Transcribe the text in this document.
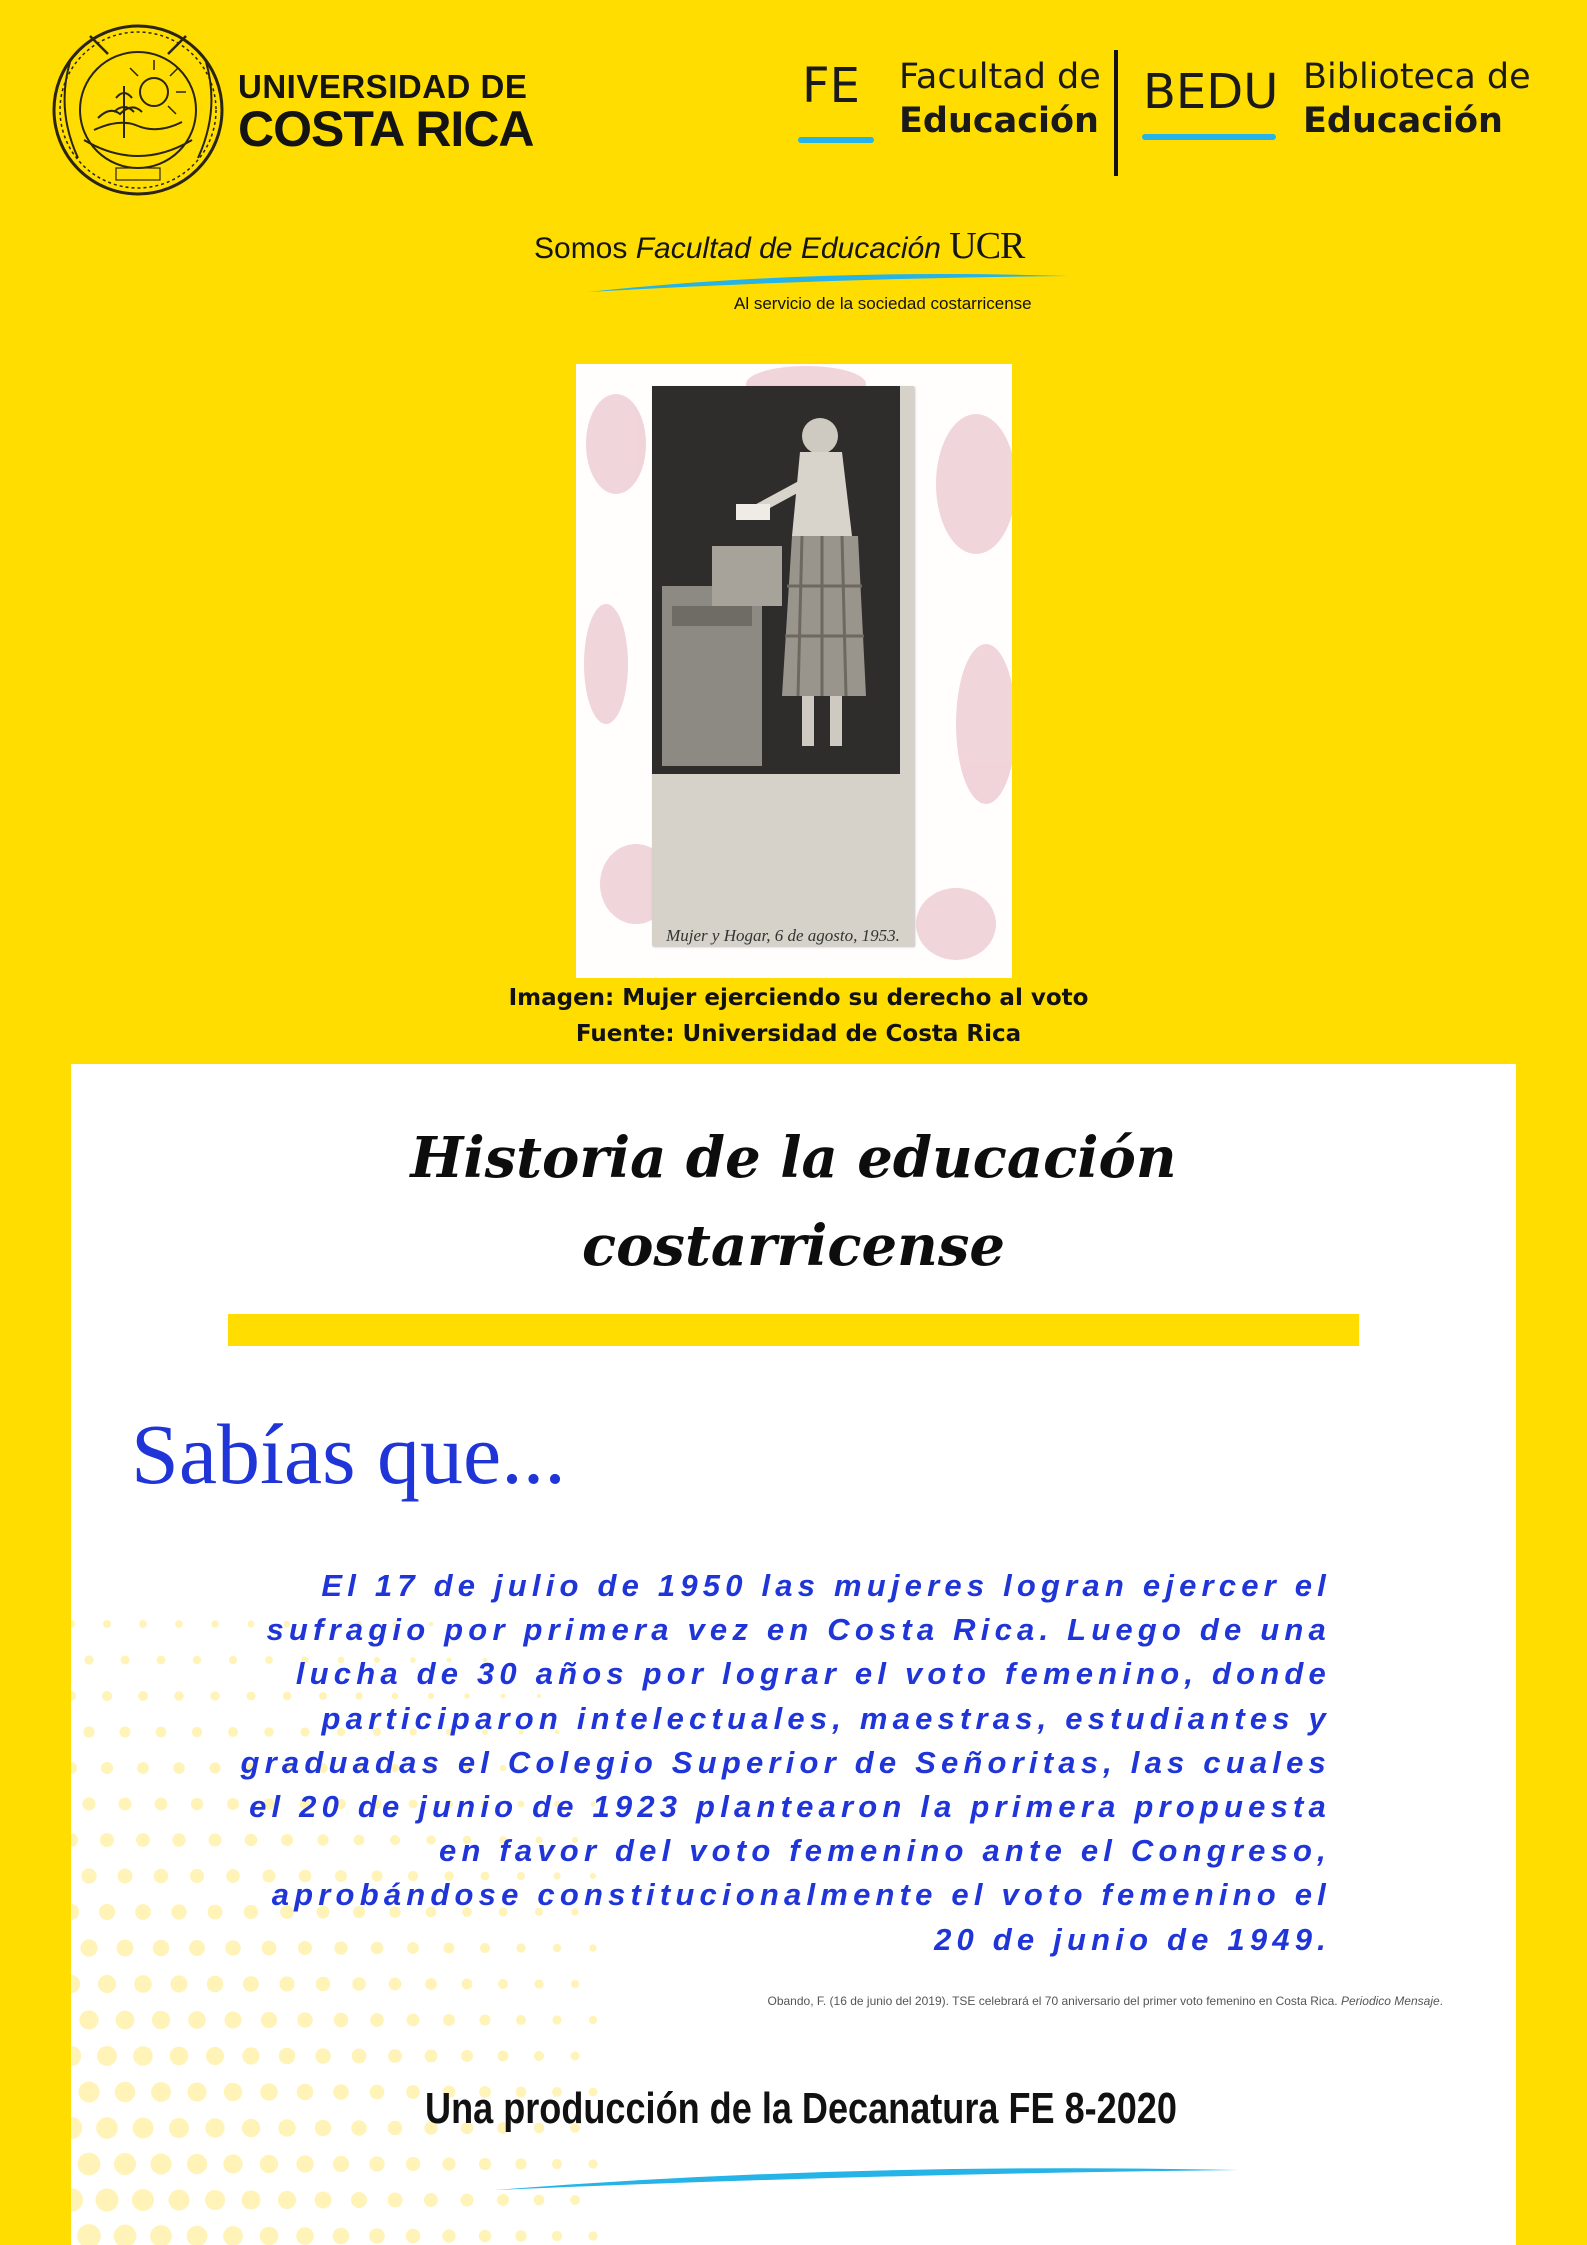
UNIVERSIDAD DE
COSTA RICA
FE Facultad de
Educación
BEDU Biblioteca de
Educación
Somos Facultad de Educación UCR
Al servicio de la sociedad costarricense
Mujer y Hogar, 6 de agosto, 1953.
Imagen: Mujer ejerciendo su derecho al voto
Fuente: Universidad de Costa Rica
Historia de la educación
costarricense
Sabías que...
El 17 de julio de 1950 las mujeres logran ejercer el sufragio por primera vez en Costa Rica. Luego de una lucha de 30 años por lograr el voto femenino, donde participaron intelectuales, maestras, estudiantes y graduadas el Colegio Superior de Señoritas, las cuales el 20 de junio de 1923 plantearon la primera propuesta en favor del voto femenino ante el Congreso, aprobándose constitucionalmente el voto femenino el 20 de junio de 1949.
Obando, F. (16 de junio del 2019). TSE celebrará el 70 aniversario del primer voto femenino en Costa Rica. Periodico Mensaje.
Una producción de la Decanatura FE 8-2020
